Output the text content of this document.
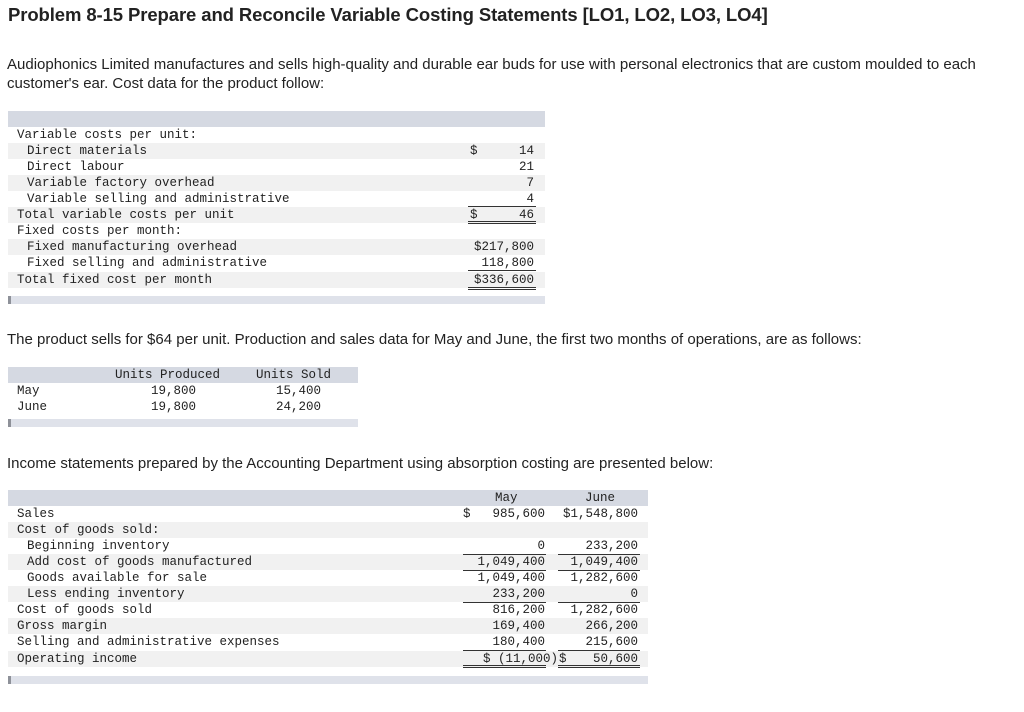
Problem 8-15 Prepare and Reconcile Variable Costing Statements [LO1, LO2, LO3, LO4]

Audiophonics Limited manufactures and sells high-quality and durable ear buds for use with personal electronics that are custom moulded to each customer's ear. Cost data for the product follow:

Variable costs per unit:
Direct materials	$	14
Direct labour	21
Variable factory overhead	7
Variable selling and administrative	4
Total variable costs per unit	$	46
Fixed costs per month:
Fixed manufacturing overhead	$217,800
Fixed selling and administrative	118,800
Total fixed cost per month	$336,600

The product sells for $64 per unit. Production and sales data for May and June, the first two months of operations, are as follows:

Units Produced	Units Sold
May	19,800	15,400
June	19,800	24,200

Income statements prepared by the Accounting Department using absorption costing are presented below:

May	June
Sales	$	985,600	$1,548,800
Cost of goods sold:
Beginning inventory	0	233,200
Add cost of goods manufactured	1,049,400	1,049,400
Goods available for sale	1,049,400	1,282,600
Less ending inventory	233,200	0
Cost of goods sold	816,200	1,282,600
Gross margin	169,400	266,200
Selling and administrative expenses	180,400	215,600
Operating income	$ (11,000) $	50,600
